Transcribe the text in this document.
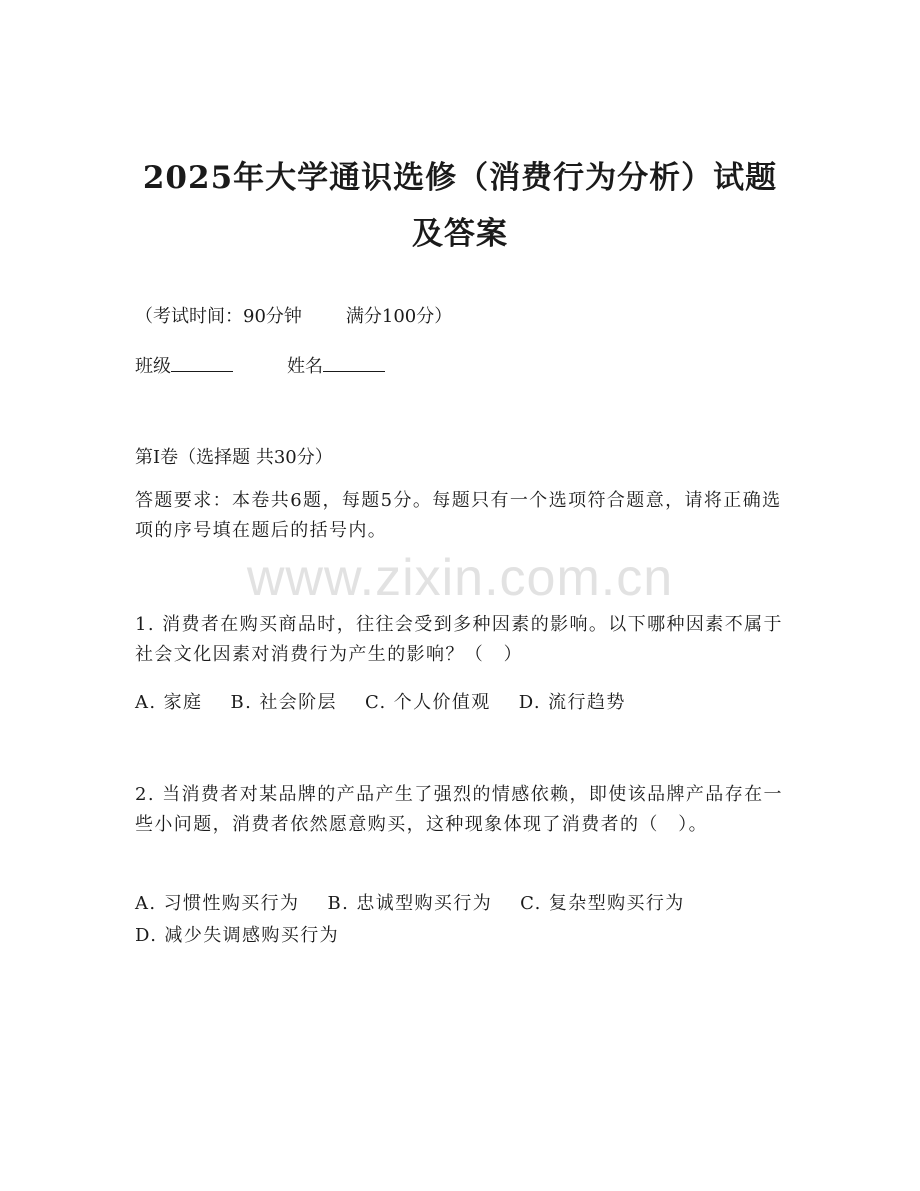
2025年大学通识选修（消费行为分析）试题
及答案
（考试时间：90分钟 满分100分）
班级	姓名
第I卷（选择题 共30分）
答题要求：本卷共6题，每题5分。每题只有一个选项符合题意，请将正确选项的序号填在题后的括号内。
www.zixin.com.cn
1. 消费者在购买商品时，往往会受到多种因素的影响。以下哪种因素不属于社会文化因素对消费行为产生的影响？（　）
A. 家庭 B. 社会阶层 C. 个人价值观 D. 流行趋势
2. 当消费者对某品牌的产品产生了强烈的情感依赖，即使该品牌产品存在一些小问题，消费者依然愿意购买，这种现象体现了消费者的（　）。
A. 习惯性购买行为 B. 忠诚型购买行为 C. 复杂型购买行为
D. 减少失调感购买行为
